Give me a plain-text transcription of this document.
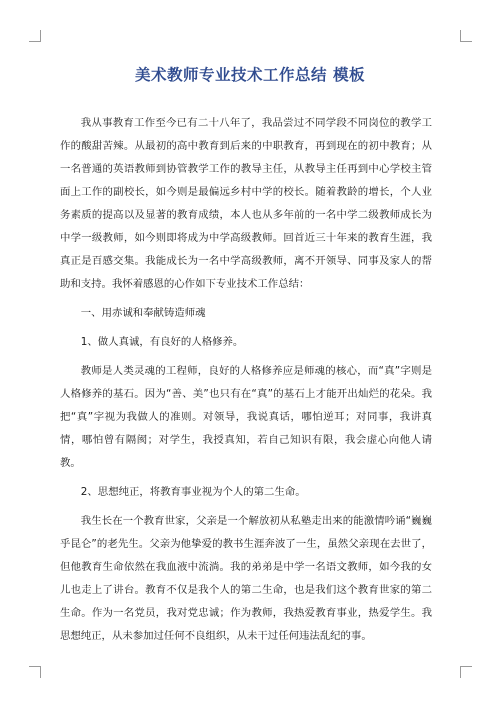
美术教师专业技术工作总结 模板

我从事教育工作至今已有二十八年了，我品尝过不同学段不同岗位的教学工作的酸甜苦辣。从最初的高中教育到后来的中职教育，再到现在的初中教育；从一名普通的英语教师到协管教学工作的教导主任，从教导主任再到中心学校主管面上工作的副校长，如今则是最偏远乡村中学的校长。随着教龄的增长，个人业务素质的提高以及显著的教育成绩，本人也从多年前的一名中学二级教师成长为中学一级教师，如今则即将成为中学高级教师。回首近三十年来的教育生涯，我真正是百感交集。我能成长为一名中学高级教师，离不开领导、同事及家人的帮助和支持。我怀着感恩的心作如下专业技术工作总结：

一、用赤诚和奉献铸造师魂

1、做人真诚，有良好的人格修养。

教师是人类灵魂的工程师，良好的人格修养应是师魂的核心，而“真”字则是人格修养的基石。因为“善、美”也只有在“真”的基石上才能开出灿烂的花朵。我把“真”字视为我做人的准则。对领导，我说真话，哪怕逆耳；对同事，我讲真情，哪怕曾有隔阂；对学生，我授真知，若自己知识有限，我会虚心向他人请教。

2、思想纯正，将教育事业视为个人的第二生命。

我生长在一个教育世家，父亲是一个解放初从私塾走出来的能激情吟诵“巍巍乎昆仑”的老先生。父亲为他挚爱的教书生涯奔波了一生，虽然父亲现在去世了，但他教育生命依然在我血液中流淌。我的弟弟是中学一名语文教师，如今我的女儿也走上了讲台。教育不仅是我个人的第二生命，也是我们这个教育世家的第二生命。作为一名党员，我对党忠诚；作为教师，我热爱教育事业，热爱学生。我思想纯正，从未参加过任何不良组织，从未干过任何违法乱纪的事。
